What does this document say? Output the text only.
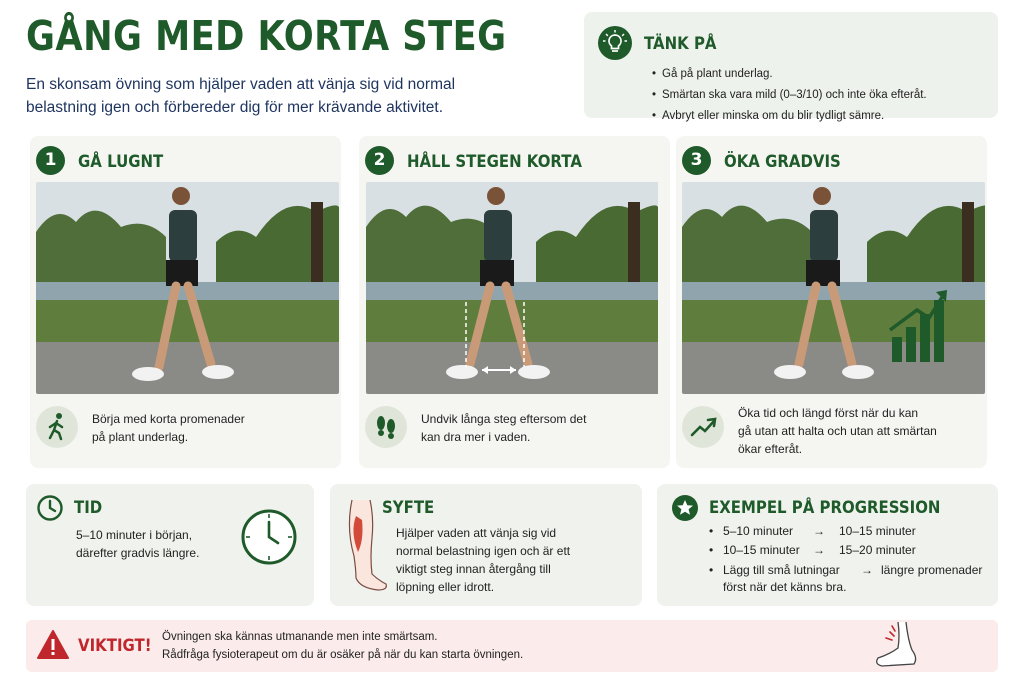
GÅNG MED KORTA STEG
En skonsam övning som hjälper vaden att vänja sig vid normal
belastning igen och förbereder dig för mer krävande aktivitet.
TÄNK PÅ
• Gå på plant underlag.
• Smärtan ska vara mild (0–3/10) och inte öka efteråt.
• Avbryt eller minska om du blir tydligt sämre.
1	GÅ LUGNT
Börja med korta promenader
på plant underlag.
2	HÅLL STEGEN KORTA
Undvik långa steg eftersom det
kan dra mer i vaden.
3	ÖKA GRADVIS
Öka tid och längd först när du kan
gå utan att halta och utan att smärtan
ökar efteråt.
TID
5–10 minuter i början,
därefter gradvis längre.
SYFTE
Hjälper vaden att vänja sig vid
normal belastning igen och är ett
viktigt steg innan återgång till
löpning eller idrott.
EXEMPEL PÅ PROGRESSION
• 5–10 minuter → 10–15 minuter
• 10–15 minuter → 15–20 minuter
• Lägg till små lutningar → längre promenader
först när det känns bra.
VIKTIGT! Övningen ska kännas utmanande men inte smärtsam.
Rådfråga fysioterapeut om du är osäker på när du kan starta övningen.
